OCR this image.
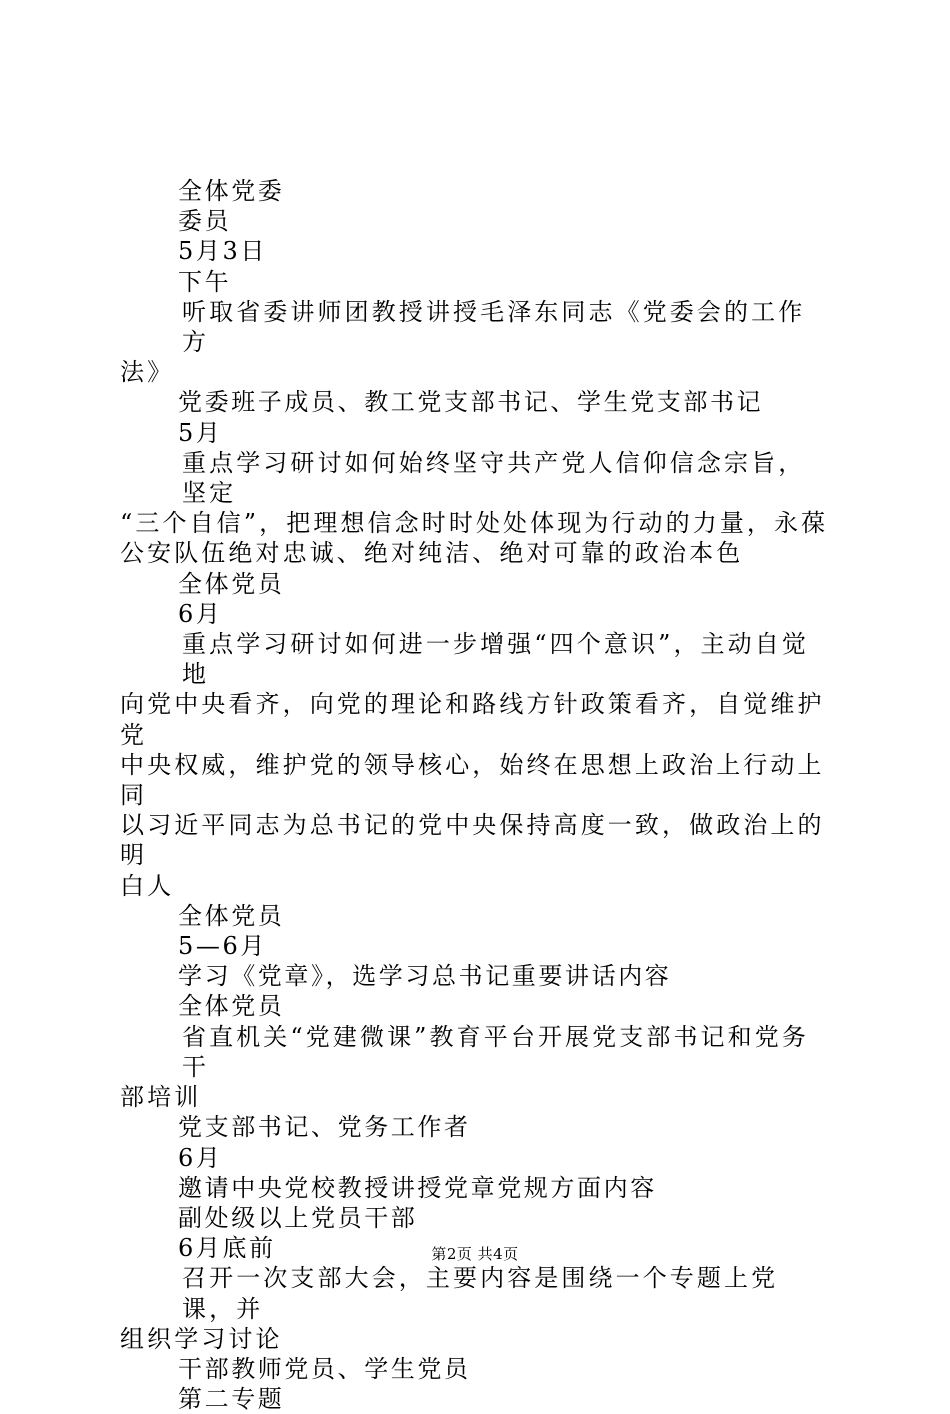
全体党委
委员
5月3日
下午
听取省委讲师团教授讲授毛泽东同志《党委会的工作方
法》
党委班子成员、教工党支部书记、学生党支部书记
5月
重点学习研讨如何始终坚守共产党人信仰信念宗旨，坚定
“三个自信”，把理想信念时时处处体现为行动的力量，永葆
公安队伍绝对忠诚、绝对纯洁、绝对可靠的政治本色
全体党员
6月
重点学习研讨如何进一步增强“四个意识”，主动自觉地
向党中央看齐，向党的理论和路线方针政策看齐，自觉维护党
中央权威，维护党的领导核心，始终在思想上政治上行动上同
以习近平同志为总书记的党中央保持高度一致，做政治上的明
白人
全体党员
5—6月
学习《党章》，选学习总书记重要讲话内容
全体党员
省直机关“党建微课”教育平台开展党支部书记和党务干
部培训
党支部书记、党务工作者
6月
邀请中央党校教授讲授党章党规方面内容
副处级以上党员干部
6月底前
召开一次支部大会，主要内容是围绕一个专题上党课，并
组织学习讨论
干部教师党员、学生党员
第二专题
第2页 共4页
